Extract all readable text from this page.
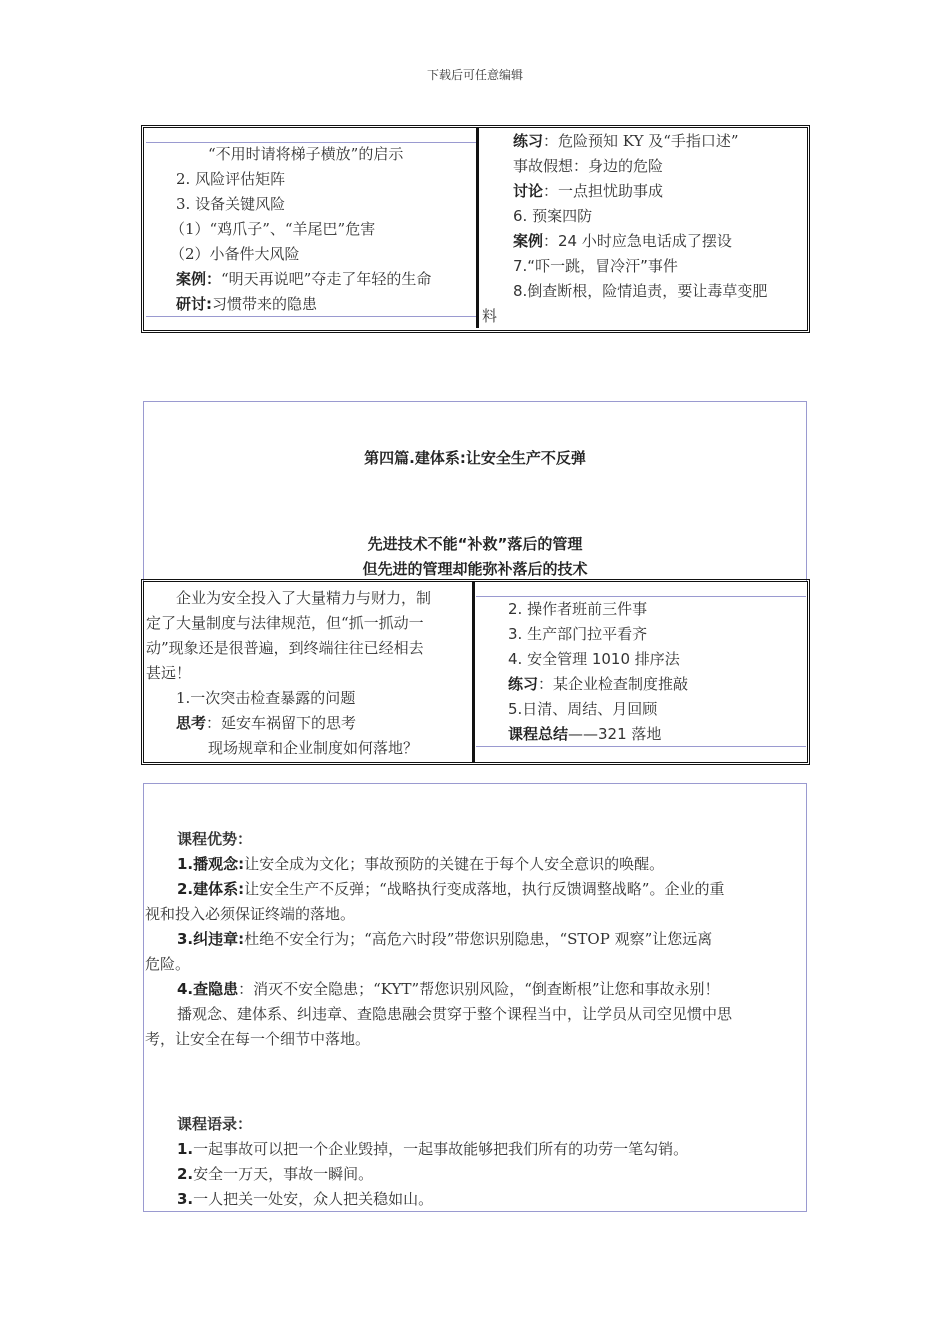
下载后可任意编辑
“不用时请将梯子横放”的启示
2. 风险评估矩阵
3. 设备关键风险
（1）“鸡爪子”、“羊尾巴”危害
（2）小备件大风险
案例：“明天再说吧”夺走了年轻的生命
研讨:习惯带来的隐患
练习：危险预知 KY 及“手指口述”
事故假想：身边的危险
讨论：一点担忧助事成
6. 预案四防
案例：24 小时应急电话成了摆设
7.“吓一跳，冒冷汗”事件
8.倒查断根，险情追责，要让毒草变肥
料
第四篇.建体系:让安全生产不反弹
先进技术不能“补救”落后的管理
但先进的管理却能弥补落后的技术
企业为安全投入了大量精力与财力，制
定了大量制度与法律规范，但“抓一抓动一
动”现象还是很普遍，到终端往往已经相去
甚远！
1.一次突击检查暴露的问题
思考：延安车祸留下的思考
现场规章和企业制度如何落地？
2. 操作者班前三件事
3. 生产部门拉平看齐
4. 安全管理 1010 排序法
练习：某企业检查制度推敲
5.日清、周结、月回顾
课程总结——321 落地
课程优势：
1.播观念:让安全成为文化；事故预防的关键在于每个人安全意识的唤醒。
2.建体系:让安全生产不反弹；“战略执行变成落地，执行反馈调整战略”。企业的重
视和投入必须保证终端的落地。
3.纠违章:杜绝不安全行为；“高危六时段”带您识别隐患，“STOP 观察”让您远离
危险。
4.查隐患：消灭不安全隐患；“KYT”帮您识别风险，“倒查断根”让您和事故永别！
播观念、建体系、纠违章、查隐患融会贯穿于整个课程当中，让学员从司空见惯中思
考，让安全在每一个细节中落地。
课程语录：
1.一起事故可以把一个企业毁掉，一起事故能够把我们所有的功劳一笔勾销。
2.安全一万天，事故一瞬间。
3.一人把关一处安，众人把关稳如山。
